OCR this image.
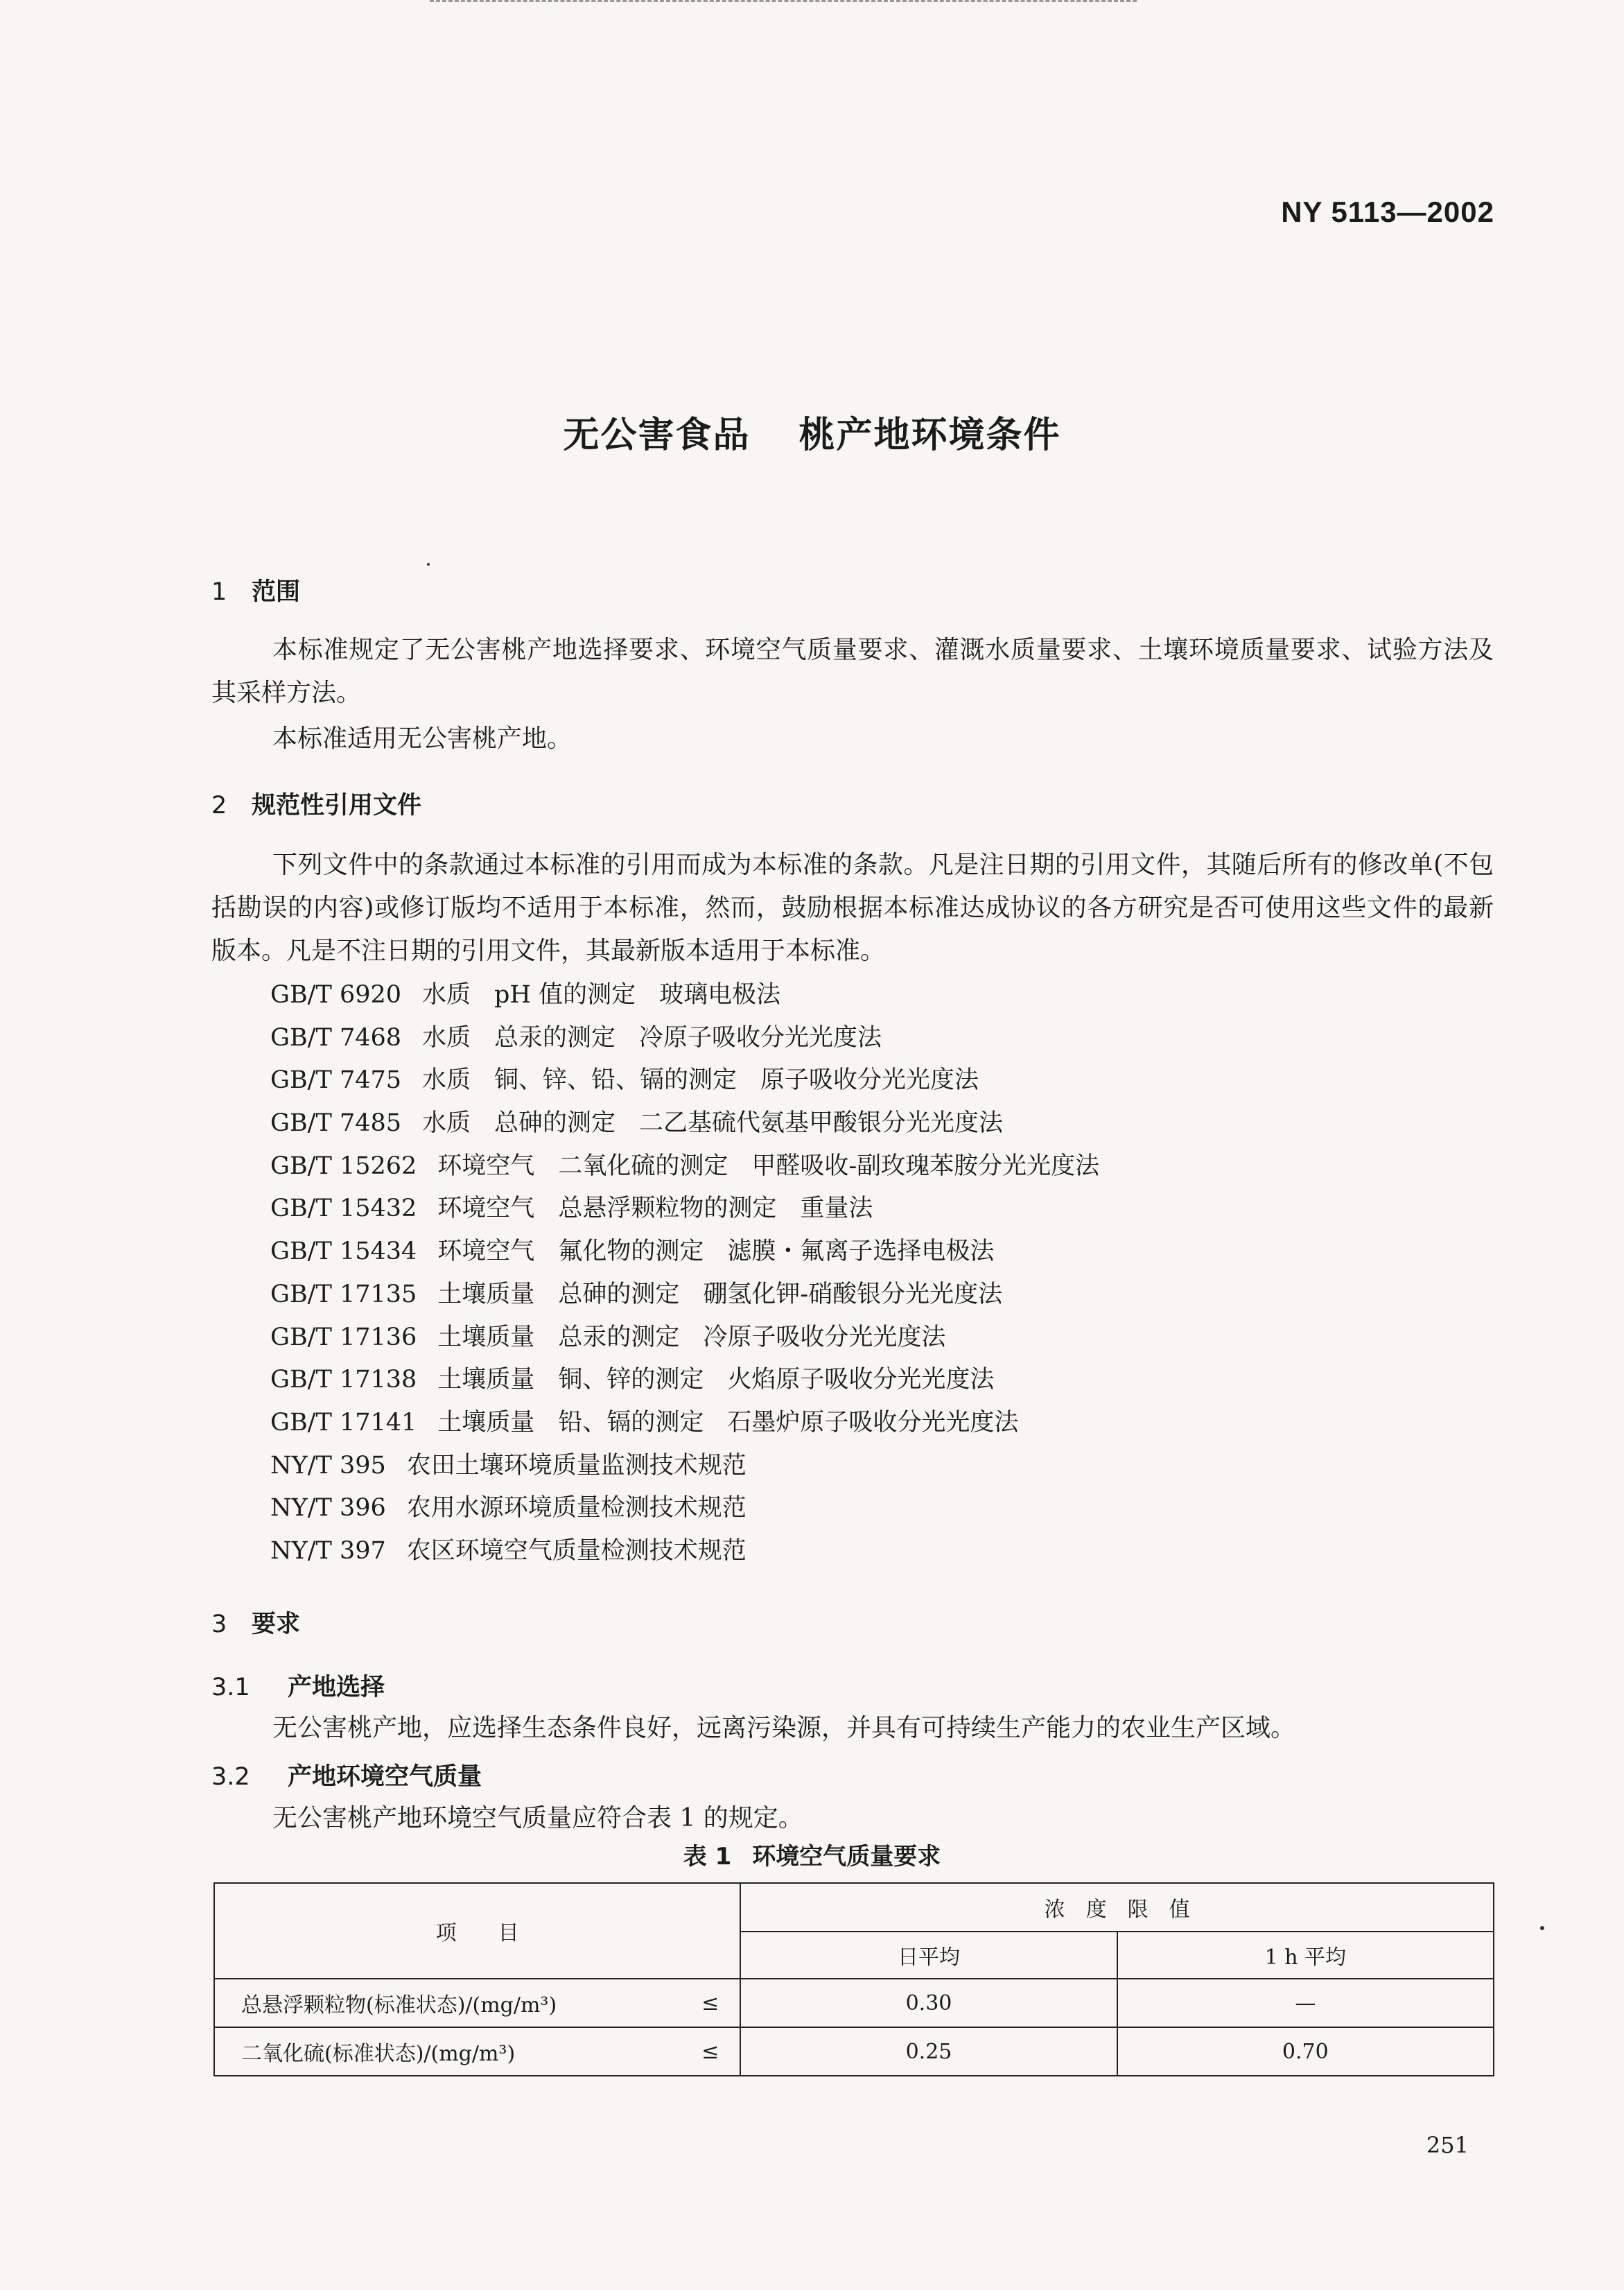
NY 5113—2002
无公害食品 桃产地环境条件
1 范围

本标准规定了无公害桃产地选择要求、环境空气质量要求、灌溉水质量要求、土壤环境质量要求、试验方法及其采样方法。

本标准适用无公害桃产地。
2 规范性引用文件

下列文件中的条款通过本标准的引用而成为本标准的条款。凡是注日期的引用文件，其随后所有的修改单(不包括勘误的内容)或修订版均不适用于本标准，然而，鼓励根据本标准达成协议的各方研究是否可使用这些文件的最新版本。凡是不注日期的引用文件，其最新版本适用于本标准。

GB/T 6920 水质 pH 值的测定 玻璃电极法
GB/T 7468 水质 总汞的测定 冷原子吸收分光光度法
GB/T 7475 水质 铜、锌、铅、镉的测定 原子吸收分光光度法
GB/T 7485 水质 总砷的测定 二乙基硫代氨基甲酸银分光光度法
GB/T 15262 环境空气 二氧化硫的测定 甲醛吸收-副玫瑰苯胺分光光度法
GB/T 15432 环境空气 总悬浮颗粒物的测定 重量法
GB/T 15434 环境空气 氟化物的测定 滤膜・氟离子选择电极法
GB/T 17135 土壤质量 总砷的测定 硼氢化钾-硝酸银分光光度法
GB/T 17136 土壤质量 总汞的测定 冷原子吸收分光光度法
GB/T 17138 土壤质量 铜、锌的测定 火焰原子吸收分光光度法
GB/T 17141 土壤质量 铅、镉的测定 石墨炉原子吸收分光光度法
NY/T 395 农田土壤环境质量监测技术规范
NY/T 396 农用水源环境质量检测技术规范
NY/T 397 农区环境空气质量检测技术规范
3 要求
3.1 产地选择
无公害桃产地，应选择生态条件良好，远离污染源，并具有可持续生产能力的农业生产区域。
3.2 产地环境空气质量
无公害桃产地环境空气质量应符合表 1 的规定。
表 1 环境空气质量要求
项　　目	浓　度　限　值	
	日平均	1 h 平均

总悬浮颗粒物(标准状态)/(mg/m³) ≤	0.30	—

二氧化硫(标准状态)/(mg/m³) ≤	0.25	0.70
251
